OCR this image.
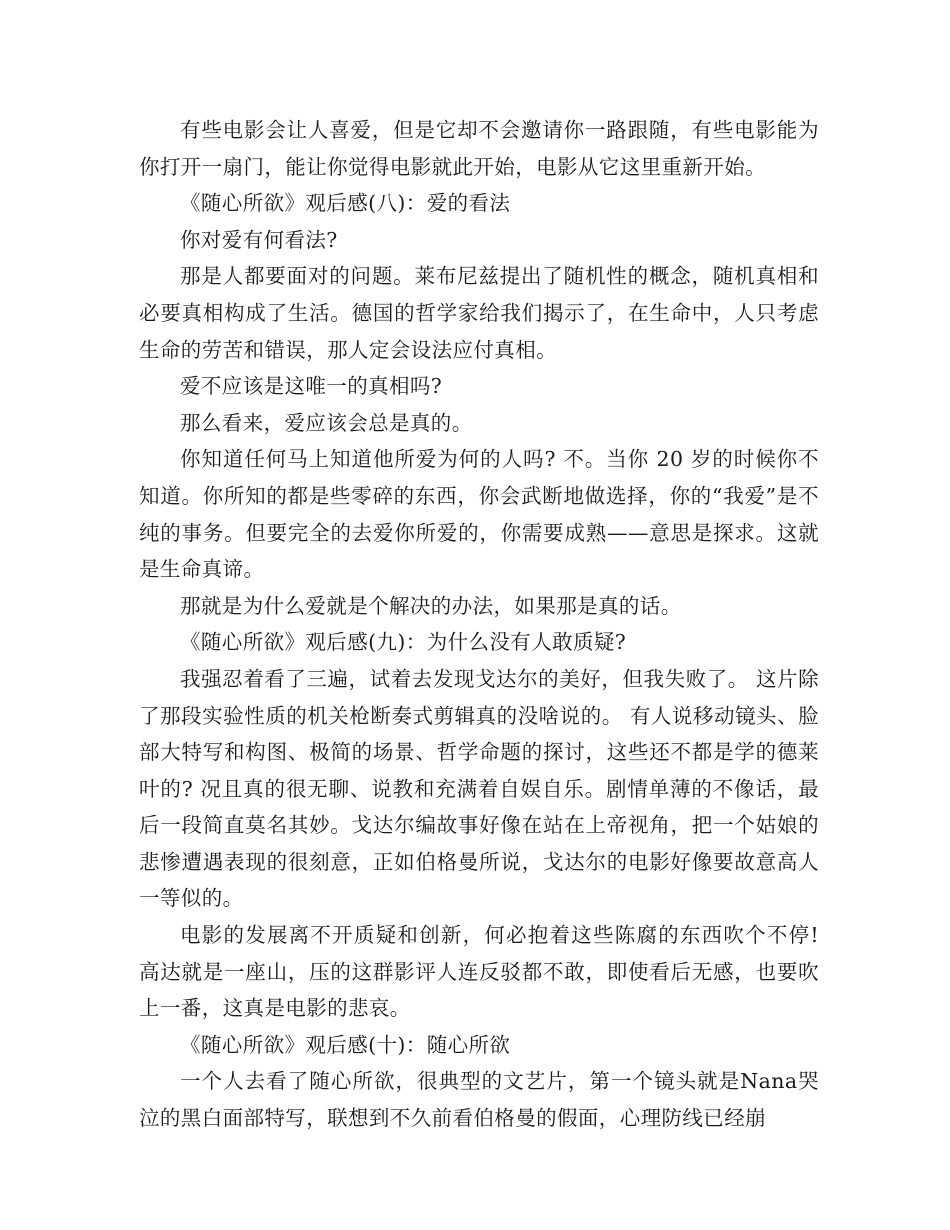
有些电影会让人喜爱，但是它却不会邀请你一路跟随，有些电影能为你打开一扇门，能让你觉得电影就此开始，电影从它这里重新开始。

《随心所欲》观后感(八)：爱的看法

你对爱有何看法?

那是人都要面对的问题。莱布尼兹提出了随机性的概念，随机真相和必要真相构成了生活。德国的哲学家给我们揭示了，在生命中，人只考虑生命的劳苦和错误，那人定会设法应付真相。

爱不应该是这唯一的真相吗?

那么看来，爱应该会总是真的。

你知道任何马上知道他所爱为何的人吗? 不。当你 20 岁的时候你不知道。你所知的都是些零碎的东西，你会武断地做选择，你的“我爱”是不纯的事务。但要完全的去爱你所爱的，你需要成熟——意思是探求。这就是生命真谛。

那就是为什么爱就是个解决的办法，如果那是真的话。

《随心所欲》观后感(九)：为什么没有人敢质疑?

我强忍着看了三遍，试着去发现戈达尔的美好，但我失败了。 这片除了那段实验性质的机关枪断奏式剪辑真的没啥说的。 有人说移动镜头、脸部大特写和构图、极简的场景、哲学命题的探讨，这些还不都是学的德莱叶的? 况且真的很无聊、说教和充满着自娱自乐。剧情单薄的不像话，最后一段简直莫名其妙。戈达尔编故事好像在站在上帝视角，把一个姑娘的悲惨遭遇表现的很刻意，正如伯格曼所说，戈达尔的电影好像要故意高人一等似的。

电影的发展离不开质疑和创新，何必抱着这些陈腐的东西吹个不停! 高达就是一座山，压的这群影评人连反驳都不敢，即使看后无感，也要吹上一番，这真是电影的悲哀。

《随心所欲》观后感(十)：随心所欲

一个人去看了随心所欲，很典型的文艺片，第一个镜头就是Nana哭泣的黑白面部特写，联想到不久前看伯格曼的假面，心理防线已经崩
